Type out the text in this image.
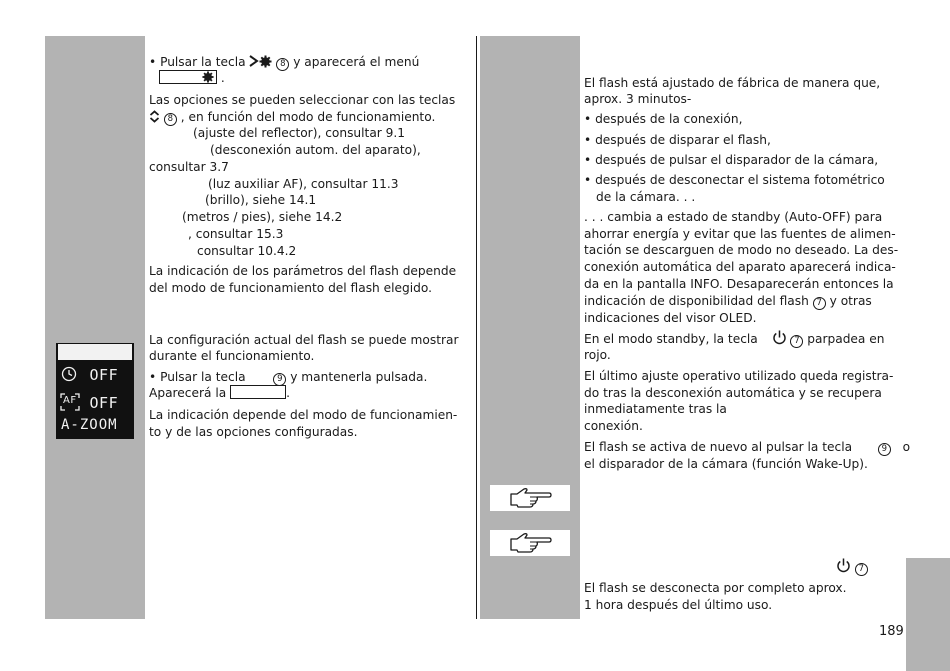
• Pulsar la tecla	8 y aparecerá el menú

.

Las opciones se pueden seleccionar con las teclas

8 , en función del modo de funcionamiento.

(ajuste del reflector), consultar 9.1

(desconexión autom. del aparato),

consultar 3.7

(luz auxiliar AF), consultar 11.3

(brillo), siehe 14.1

(metros / pies), siehe 14.2

, consultar 15.3

consultar 10.4.2

La indicación de los parámetros del flash depende

del modo de funcionamiento del flash elegido.

La configuración actual del flash se puede mostrar

durante el funcionamiento.

• Pulsar la tecla	9 y mantenerla pulsada.

Aparecerá la	.

La indicación depende del modo de funcionamien-

to y de las opciones configuradas.

OFF
AF OFF
A-ZOOM

El flash está ajustado de fábrica de manera que,

aprox. 3 minutos-

• después de la conexión,

• después de disparar el flash,

• después de pulsar el disparador de la cámara,

• después de desconectar el sistema fotométrico

de la cámara. . .

. . . cambia a estado de standby (Auto-OFF) para

ahorrar energía y evitar que las fuentes de alimen-

tación se descarguen de modo no deseado. La des-

conexión automática del aparato aparecerá indica-

da en la pantalla INFO. Desaparecerán entonces la

indicación de disponibilidad del flash 7 y otras

indicaciones del visor OLED.

En el modo standby, la tecla	7 parpadea en

rojo.

El último ajuste operativo utilizado queda registra-

do tras la desconexión automática y se recupera

inmediatamente tras la

conexión.

El flash se activa de nuevo al pulsar la tecla	9 o

el disparador de la cámara (función Wake-Up).

7

El flash se desconecta por completo aprox.

1 hora después del último uso.

189
